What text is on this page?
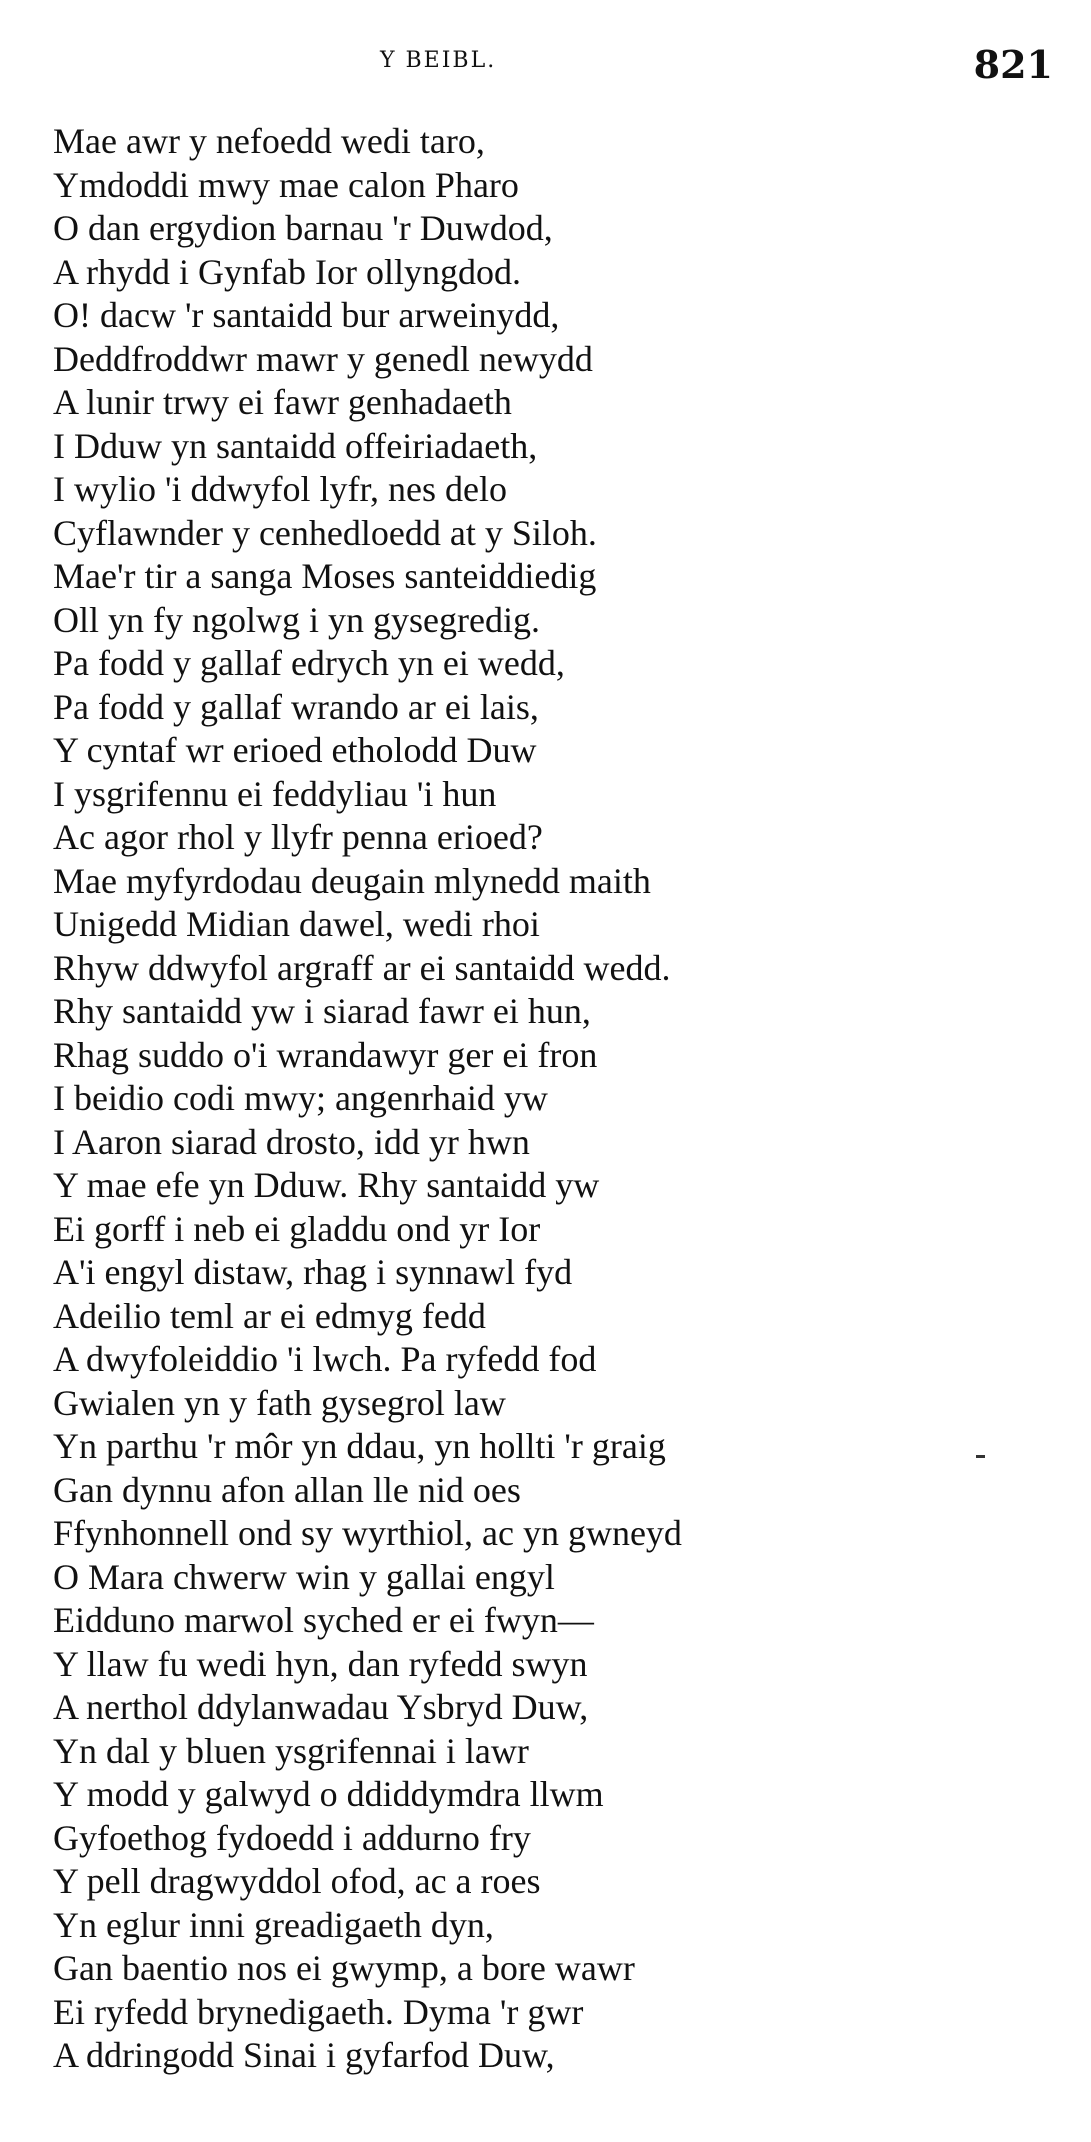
Y BEIBL.	821
Mae awr y nefoedd wedi taro,
Ymdoddi mwy mae calon Pharo
O dan ergydion barnau 'r Duwdod,
A rhydd i Gynfab Ior ollyngdod.
O! dacw 'r santaidd bur arweinydd,
Deddfroddwr mawr y genedl newydd
A lunir trwy ei fawr genhadaeth
I Dduw yn santaidd offeiriadaeth,
I wylio 'i ddwyfol lyfr, nes delo
Cyflawnder y cenhedloedd at y Siloh.
Mae'r tir a sanga Moses santeiddiedig
Oll yn fy ngolwg i yn gysegredig.
Pa fodd y gallaf edrych yn ei wedd,
Pa fodd y gallaf wrando ar ei lais,
Y cyntaf wr erioed etholodd Duw
I ysgrifennu ei feddyliau 'i hun
Ac agor rhol y llyfr penna erioed?
Mae myfyrdodau deugain mlynedd maith
Unigedd Midian dawel, wedi rhoi
Rhyw ddwyfol argraff ar ei santaidd wedd.
Rhy santaidd yw i siarad fawr ei hun,
Rhag suddo o'i wrandawyr ger ei fron
I beidio codi mwy; angenrhaid yw
I Aaron siarad drosto, idd yr hwn
Y mae efe yn Dduw. Rhy santaidd yw
Ei gorff i neb ei gladdu ond yr Ior
A'i engyl distaw, rhag i synnawl fyd
Adeilio teml ar ei edmyg fedd
A dwyfoleiddio 'i lwch. Pa ryfedd fod
Gwialen yn y fath gysegrol law
Yn parthu 'r môr yn ddau, yn hollti 'r graig
Gan dynnu afon allan lle nid oes
Ffynhonnell ond sy wyrthiol, ac yn gwneyd
O Mara chwerw win y gallai engyl
Eidduno marwol syched er ei fwyn—
Y llaw fu wedi hyn, dan ryfedd swyn
A nerthol ddylanwadau Ysbryd Duw,
Yn dal y bluen ysgrifennai i lawr
Y modd y galwyd o ddiddymdra llwm
Gyfoethog fydoedd i addurno fry
Y pell dragwyddol ofod, ac a roes
Yn eglur inni greadigaeth dyn,
Gan baentio nos ei gwymp, a bore wawr
Ei ryfedd brynedigaeth. Dyma 'r gwr
A ddringodd Sinai i gyfarfod Duw,
